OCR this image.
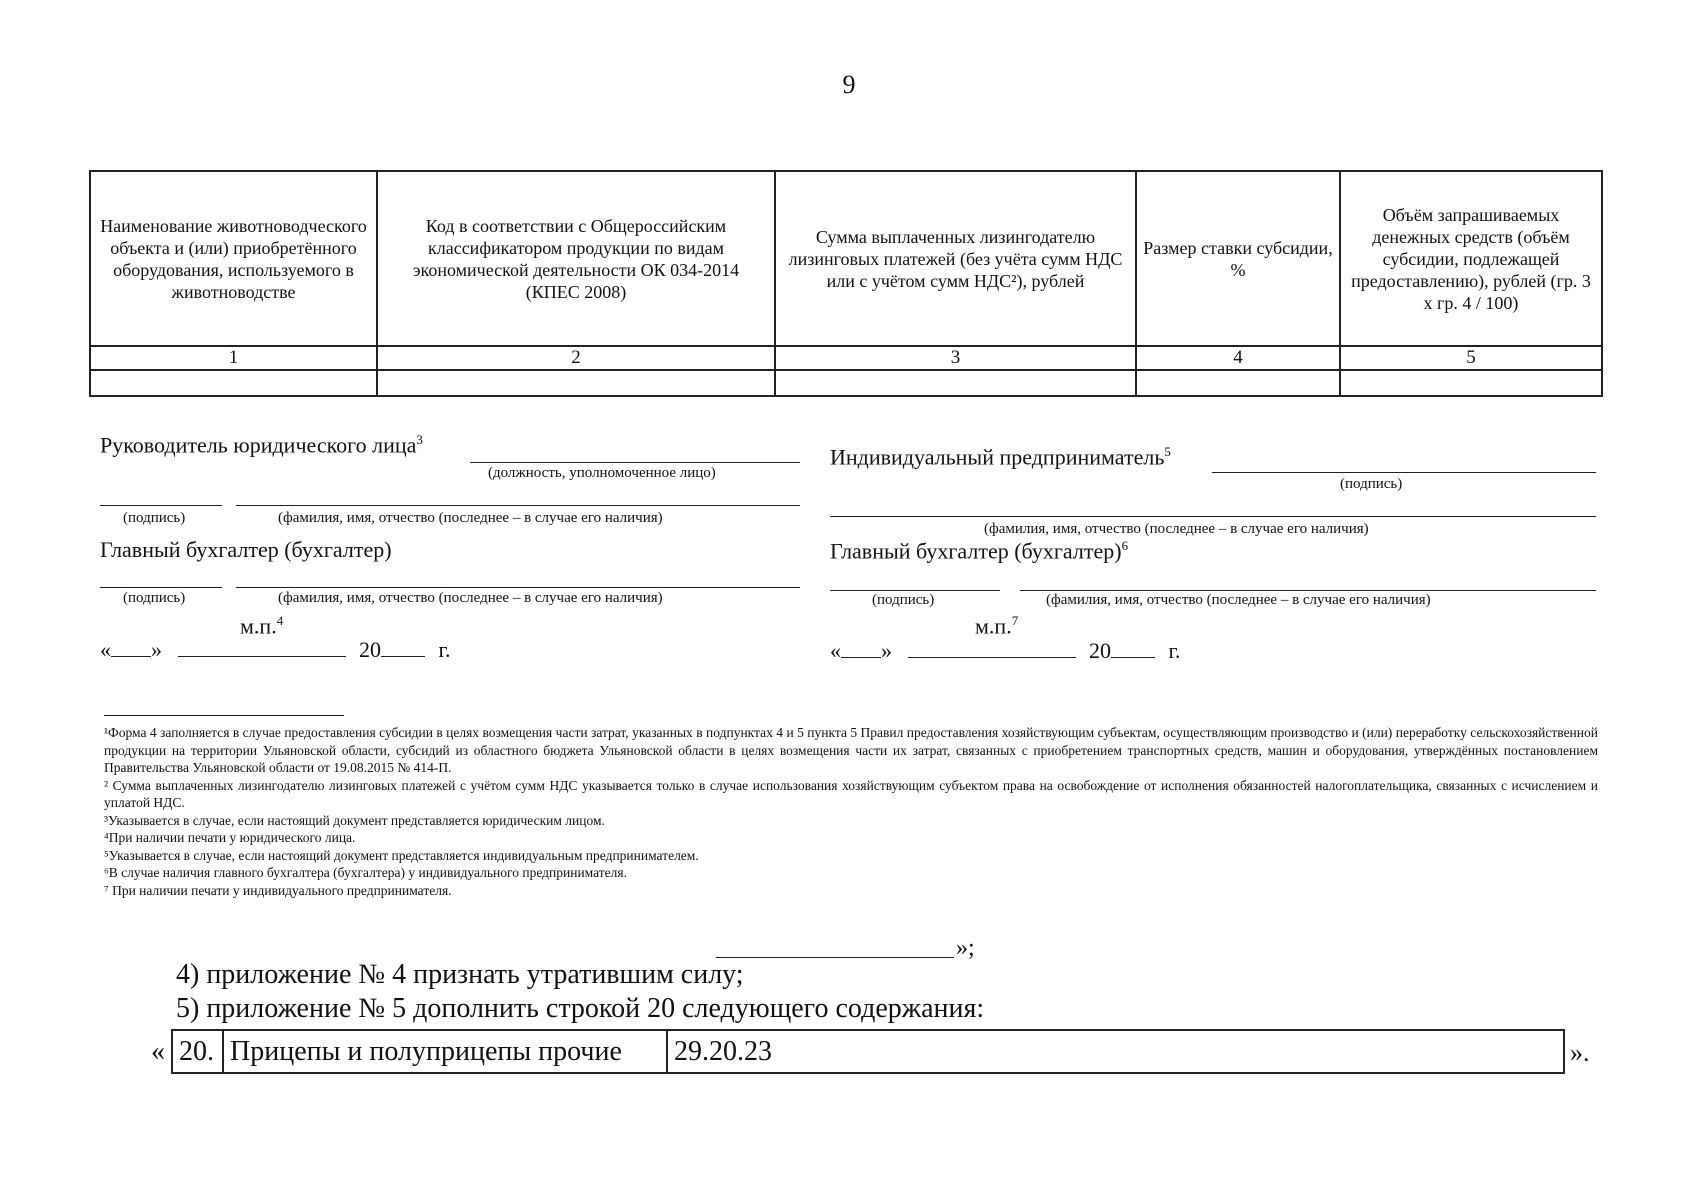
9
Наименование животноводческого объекта и (или) приобретённого оборудования, используемого в животноводстве	Код в соответствии с Общероссийским классификатором продукции по видам экономической деятельности ОК 034-2014 (КПЕС 2008)	Сумма выплаченных лизингодателю лизинговых платежей (без учёта сумм НДС или с учётом сумм НДС²), рублей	Размер ставки субсидии, %	Объём запрашиваемых денежных средств (объём субсидии, подлежащей предоставлению), рублей (гр. 3 х гр. 4 / 100)
1	2	3	4	5

Руководитель юридического лица$^3$
(должность, уполномоченное лицо)
(подпись)	(фамилия, имя, отчество (последнее – в случае его наличия)
Главный бухгалтер (бухгалтер)
(подпись)	(фамилия, имя, отчество (последнее – в случае его наличия)
м.п.$^4$
« »	20	г.
Индивидуальный предприниматель$^5$
(подпись)
(фамилия, имя, отчество (последнее – в случае его наличия)
Главный бухгалтер (бухгалтер)$^6$
(подпись)	(фамилия, имя, отчество (последнее – в случае его наличия)
м.п.$^7$
« »	20	г.

¹Форма 4 заполняется в случае предоставления субсидии в целях возмещения части затрат, указанных в подпунктах 4 и 5 пункта 5 Правил предоставления хозяйствующим субъектам, осуществляющим производство и (или) переработку сельскохозяйственной продукции на территории Ульяновской области, субсидий из областного бюджета Ульяновской области в целях возмещения части их затрат, связанных с приобретением транспортных средств, машин и оборудования, утверждённых постановлением Правительства Ульяновской области от 19.08.2015 № 414-П.

² Сумма выплаченных лизингодателю лизинговых платежей с учётом сумм НДС указывается только в случае использования хозяйствующим субъектом права на освобождение от исполнения обязанностей налогоплательщика, связанных с исчислением и уплатой НДС.

³Указывается в случае, если настоящий документ представляется юридическим лицом.

⁴При наличии печати у юридического лица.

⁵Указывается в случае, если настоящий документ представляется индивидуальным предпринимателем.

⁶В случае наличия главного бухгалтера (бухгалтера) у индивидуального предпринимателя.

⁷ При наличии печати у индивидуального предпринимателя.

»;
4) приложение № 4 признать утратившим силу;
5) приложение № 5 дополнить строкой 20 следующего содержания:
« 20.	Прицепы и полуприцепы прочие	29.20.23	».
